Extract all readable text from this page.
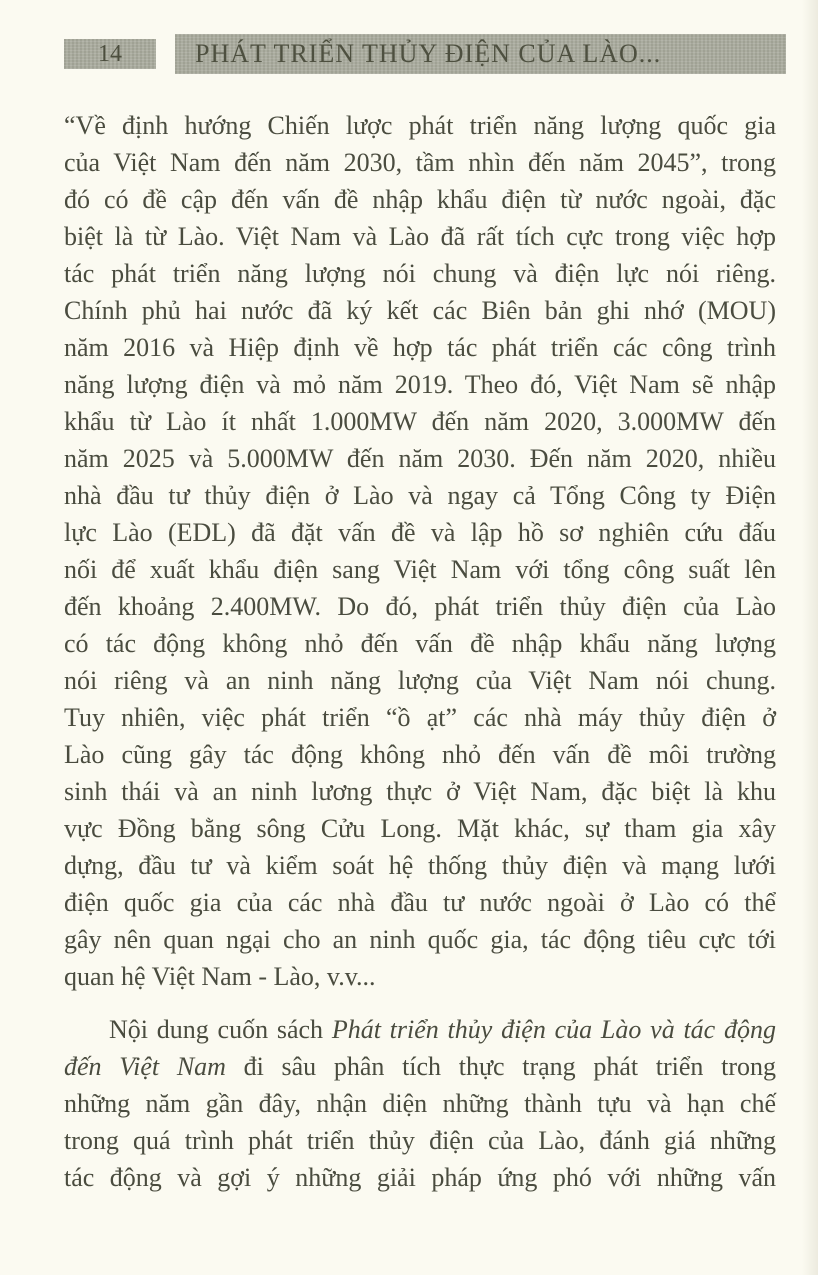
14	PHÁT TRIỂN THỦY ĐIỆN CỦA LÀO...
“Về định hướng Chiến lược phát triển năng lượng quốc gia
của Việt Nam đến năm 2030, tầm nhìn đến năm 2045”, trong
đó có đề cập đến vấn đề nhập khẩu điện từ nước ngoài, đặc
biệt là từ Lào. Việt Nam và Lào đã rất tích cực trong việc hợp
tác phát triển năng lượng nói chung và điện lực nói riêng.
Chính phủ hai nước đã ký kết các Biên bản ghi nhớ (MOU)
năm 2016 và Hiệp định về hợp tác phát triển các công trình
năng lượng điện và mỏ năm 2019. Theo đó, Việt Nam sẽ nhập
khẩu từ Lào ít nhất 1.000MW đến năm 2020, 3.000MW đến
năm 2025 và 5.000MW đến năm 2030. Đến năm 2020, nhiều
nhà đầu tư thủy điện ở Lào và ngay cả Tổng Công ty Điện
lực Lào (EDL) đã đặt vấn đề và lập hồ sơ nghiên cứu đấu
nối để xuất khẩu điện sang Việt Nam với tổng công suất lên
đến khoảng 2.400MW. Do đó, phát triển thủy điện của Lào
có tác động không nhỏ đến vấn đề nhập khẩu năng lượng
nói riêng và an ninh năng lượng của Việt Nam nói chung.
Tuy nhiên, việc phát triển “ồ ạt” các nhà máy thủy điện ở
Lào cũng gây tác động không nhỏ đến vấn đề môi trường
sinh thái và an ninh lương thực ở Việt Nam, đặc biệt là khu
vực Đồng bằng sông Cửu Long. Mặt khác, sự tham gia xây
dựng, đầu tư và kiểm soát hệ thống thủy điện và mạng lưới
điện quốc gia của các nhà đầu tư nước ngoài ở Lào có thể
gây nên quan ngại cho an ninh quốc gia, tác động tiêu cực tới
quan hệ Việt Nam - Lào, v.v...
Nội dung cuốn sách Phát triển thủy điện của Lào và tác động
đến Việt Nam đi sâu phân tích thực trạng phát triển trong
những năm gần đây, nhận diện những thành tựu và hạn chế
trong quá trình phát triển thủy điện của Lào, đánh giá những
tác động và gợi ý những giải pháp ứng phó với những vấn
